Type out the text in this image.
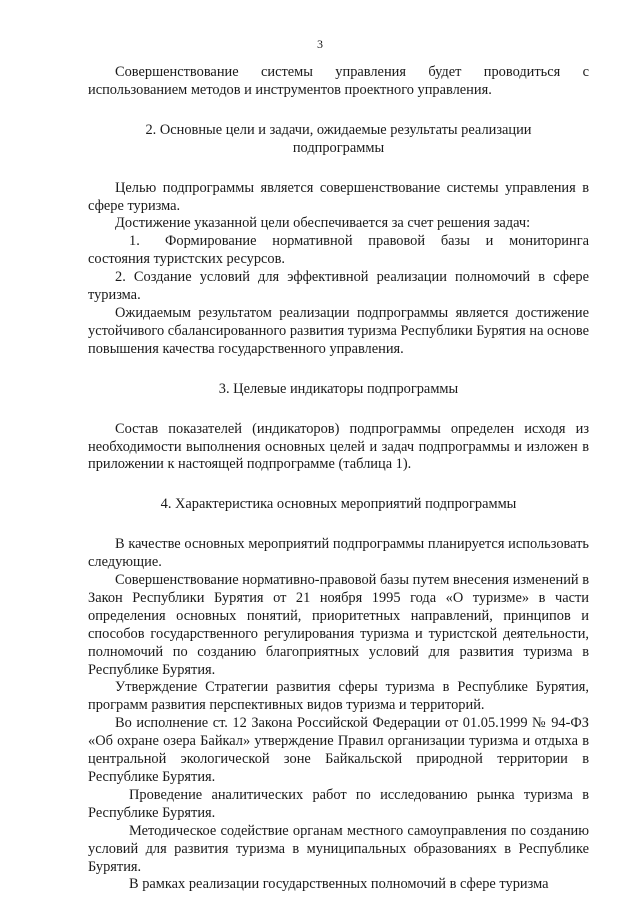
3

Совершенствование системы управления будет проводиться с использованием методов и инструментов проектного управления.

2. Основные цели и задачи, ожидаемые результаты реализации
подпрограммы

Целью подпрограммы является совершенствование системы управления в сфере туризма.

Достижение указанной цели обеспечивается за счет решения задач:

1. Формирование нормативной правовой базы и мониторинга состояния туристских ресурсов.

2. Создание условий для эффективной реализации полномочий в сфере туризма.

Ожидаемым результатом реализации подпрограммы является достижение устойчивого сбалансированного развития туризма Республики Бурятия на основе повышения качества государственного управления.

3. Целевые индикаторы подпрограммы

Состав показателей (индикаторов) подпрограммы определен исходя из необходимости выполнения основных целей и задач подпрограммы и изложен в приложении к настоящей подпрограмме (таблица 1).

4. Характеристика основных мероприятий подпрограммы

В качестве основных мероприятий подпрограммы планируется использовать следующие.

Совершенствование нормативно-правовой базы путем внесения изменений в Закон Республики Бурятия от 21 ноября 1995 года «О туризме» в части определения основных понятий, приоритетных направлений, принципов и способов государственного регулирования туризма и туристской деятельности, полномочий по созданию благоприятных условий для развития туризма в Республике Бурятия.

Утверждение Стратегии развития сферы туризма в Республике Бурятия, программ развития перспективных видов туризма и территорий.

Во исполнение ст. 12 Закона Российской Федерации от 01.05.1999 № 94-ФЗ «Об охране озера Байкал» утверждение Правил организации туризма и отдыха в центральной экологической зоне Байкальской природной территории в Республике Бурятия.

Проведение аналитических работ по исследованию рынка туризма в Республике Бурятия.

Методическое содействие органам местного самоуправления по созданию условий для развития туризма в муниципальных образованиях в Республике Бурятия.

В рамках реализации государственных полномочий в сфере туризма
